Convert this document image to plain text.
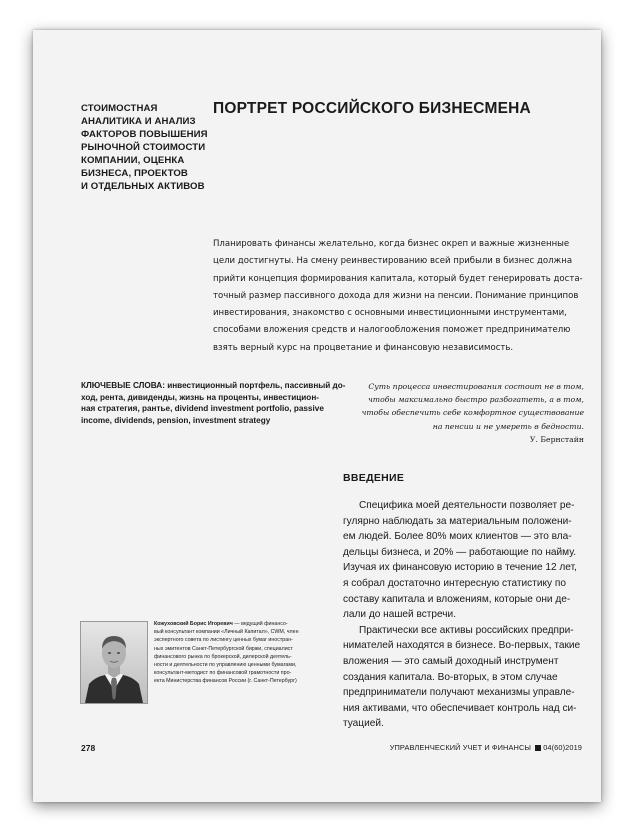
СТОИМОСТНАЯ
АНАЛИТИКА И АНАЛИЗ
ФАКТОРОВ ПОВЫШЕНИЯ
РЫНОЧНОЙ СТОИМОСТИ
КОМПАНИИ, ОЦЕНКА
БИЗНЕСА, ПРОЕКТОВ
И ОТДЕЛЬНЫХ АКТИВОВ
ПОРТРЕТ РОССИЙСКОГО БИЗНЕСМЕНА
Планировать финансы желательно, когда бизнес окреп и важные жизненные
цели достигнуты. На смену реинвестированию всей прибыли в бизнес должна
прийти концепция формирования капитала, который будет генерировать доста-
точный размер пассивного дохода для жизни на пенсии. Понимание принципов
инвестирования, знакомство с основными инвестиционными инструментами,
способами вложения средств и налогообложения поможет предпринимателю
взять верный курс на процветание и финансовую независимость.
КЛЮЧЕВЫЕ СЛОВА: инвестиционный портфель, пассивный до-
ход, рента, дивиденды, жизнь на проценты, инвестицион-
ная стратегия, рантье, dividend investment portfolio, passive
income, dividends, pension, investment strategy
Суть процесса инвестирования состоит не в том,
чтобы максимально быстро разбогатеть, а в том,
чтобы обеспечить себе комфортное существование
на пенсии и не умереть в бедности.
У. Бернстайн
ВВЕДЕНИЕ
Специфика моей деятельности позволяет ре-
гулярно наблюдать за материальным положени-
ем людей. Более 80% моих клиентов — это вла-
дельцы бизнеса, и 20% — работающие по найму.
Изучая их финансовую историю в течение 12 лет,
я собрал достаточно интересную статистику по
составу капитала и вложениям, которые они де-
лали до нашей встречи.
Практически все активы российских предпри-
нимателей находятся в бизнесе. Во-первых, такие
вложения — это самый доходный инструмент
создания капитала. Во-вторых, в этом случае
предприниматели получают механизмы управле-
ния активами, что обеспечивает контроль над си-
туацией.
Кожуховский Борис Игоревич — ведущий финансо-
вый консультант компании «Личный Капитал», CWM, член
экспертного совета по листингу ценных бумаг иностран-
ных эмитентов Санкт-Петербургской биржи, специалист
финансового рынка по брокерской, дилерской деятель-
ности и деятельности по управлению ценными бумагами,
консультант-методист по финансовой грамотности про-
екта Министерства финансов России (г. Санкт-Петербург)
278	УПРАВЛЕНЧЕСКИЙ УЧЕТ И ФИНАНСЫ 04(60)2019
